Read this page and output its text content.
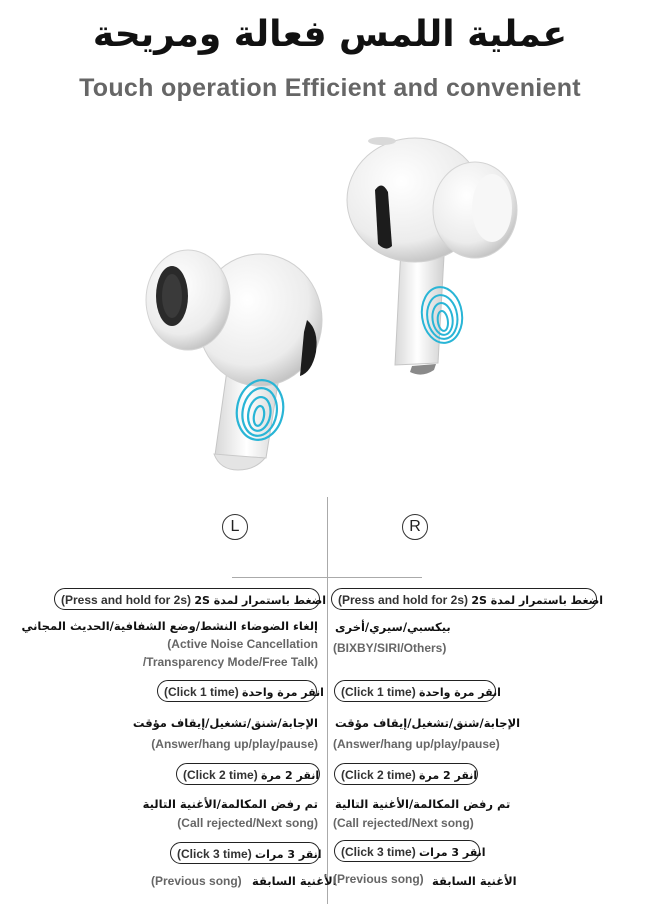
عملية اللمس فعالة ومريحة
Touch operation Efficient and convenient
L	R
(Press and hold for 2s) اضغط باستمرار لمدة 2S
إلغاء الضوضاء النشط/وضع الشفافية/الحديث المجاني
(Active Noise Cancellation
/Transparency Mode/Free Talk)
(Click 1 time) انقر مرة واحدة
الإجابة/شنق/تشغيل/إيقاف مؤقت
(Answer/hang up/play/pause)
(Click 2 time) انقر 2 مرة
تم رفض المكالمة/الأغنية التالية
(Call rejected/Next song)
(Click 3 time) انقر 3 مرات
(Previous song) الأغنية السابقة
(Press and hold for 2s) اضغط باستمرار لمدة 2S
بيكسبي/سيري/أخرى
(BIXBY/SIRI/Others)
(Click 1 time) انقر مرة واحدة
الإجابة/شنق/تشغيل/إيقاف مؤقت
(Answer/hang up/play/pause)
(Click 2 time) انقر 2 مرة
تم رفض المكالمة/الأغنية التالية
(Call rejected/Next song)
(Click 3 time) انقر 3 مرات
(Previous song) الأغنية السابقة
